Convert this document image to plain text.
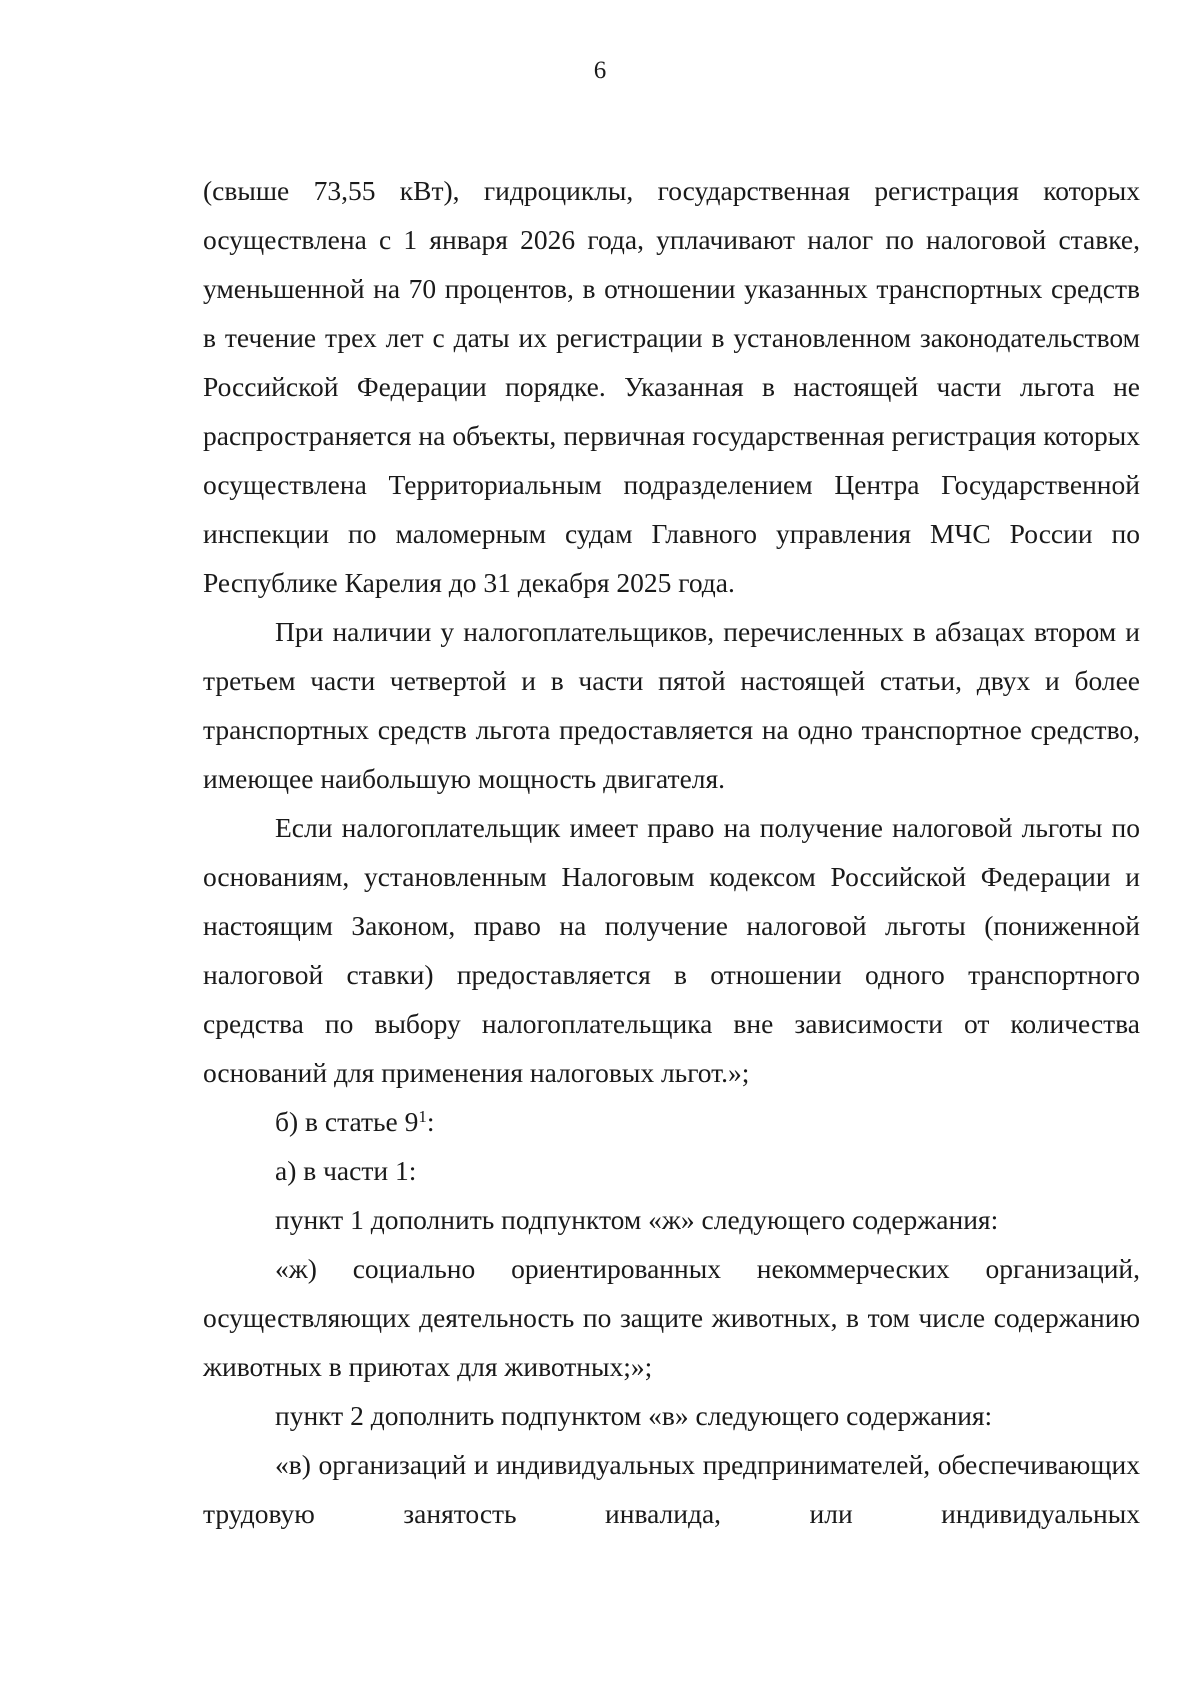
6

(свыше 73,55 кВт), гидроциклы, государственная регистрация которых осуществлена с 1 января 2026 года, уплачивают налог по налоговой ставке, уменьшенной на 70 процентов, в отношении указанных транспортных средств в течение трех лет с даты их регистрации в установленном законодательством Российской Федерации порядке. Указанная в настоящей части льгота не распространяется на объекты, первичная государственная регистрация которых осуществлена Территориальным подразделением Центра Государственной инспекции по маломерным судам Главного управления МЧС России по Республике Карелия до 31 декабря 2025 года.

При наличии у налогоплательщиков, перечисленных в абзацах втором и третьем части четвертой и в части пятой настоящей статьи, двух и более транспортных средств льгота предоставляется на одно транспортное средство, имеющее наибольшую мощность двигателя.

Если налогоплательщик имеет право на получение налоговой льготы по основаниям, установленным Налоговым кодексом Российской Федерации и настоящим Законом, право на получение налоговой льготы (пониженной налоговой ставки) предоставляется в отношении одного транспортного средства по выбору налогоплательщика вне зависимости от количества оснований для применения налоговых льгот.»;

б) в статье $9^1$:

а) в части 1:

пункт 1 дополнить подпунктом «ж» следующего содержания:

«ж) социально ориентированных некоммерческих организаций, осуществляющих деятельность по защите животных, в том числе содержанию животных в приютах для животных;»;

пункт 2 дополнить подпунктом «в» следующего содержания:

«в) организаций и индивидуальных предпринимателей, обеспечивающих трудовую занятость инвалида, или индивидуальных
